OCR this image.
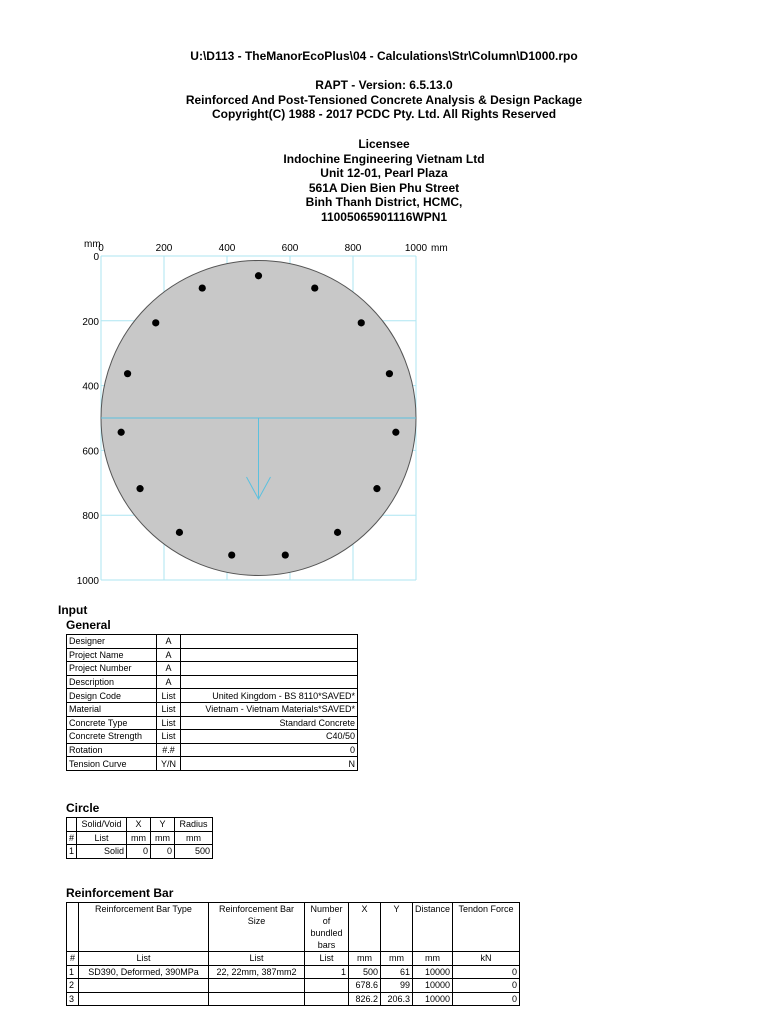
U:\D113 - TheManorEcoPlus\04 - Calculations\Str\Column\D1000.rpo
RAPT - Version: 6.5.13.0
Reinforced And Post-Tensioned Concrete Analysis & Design Package
Copyright(C) 1988 - 2017 PCDC Pty. Ltd. All Rights Reserved
Licensee
Indochine Engineering Vietnam Ltd
Unit 12-01, Pearl Plaza
561A Dien Bien Phu Street
Binh Thanh District, HCMC,
11005065901116WPN1
0	200	400	600	800	1000
0
200
400
600
800
1000
mm
mm
Input
General
Designer	A	
Project Name	A	
Project Number	A	
Description	A	
Design Code	List	United Kingdom - BS 8110*SAVED*
Material	List	Vietnam - Vietnam Materials*SAVED*
Concrete Type	List	Standard Concrete
Concrete Strength	List	C40/50
Rotation	#.#	0
Tension Curve	Y/N	N
Circle
	Solid/Void	X	Y	Radius
#	List	mm	mm	mm
1	Solid	0	0	500
Reinforcement Bar
	Reinforcement Bar Type	Reinforcement Bar Size	Number of bundled bars	X	Y	Distance	Tendon Force
#	List	List	List	mm	mm	mm	kN
1	SD390, Deformed, 390MPa	22, 22mm, 387mm2	1	500	61	10000	0
2				678.6	99	10000	0
3				826.2	206.3	10000	0
